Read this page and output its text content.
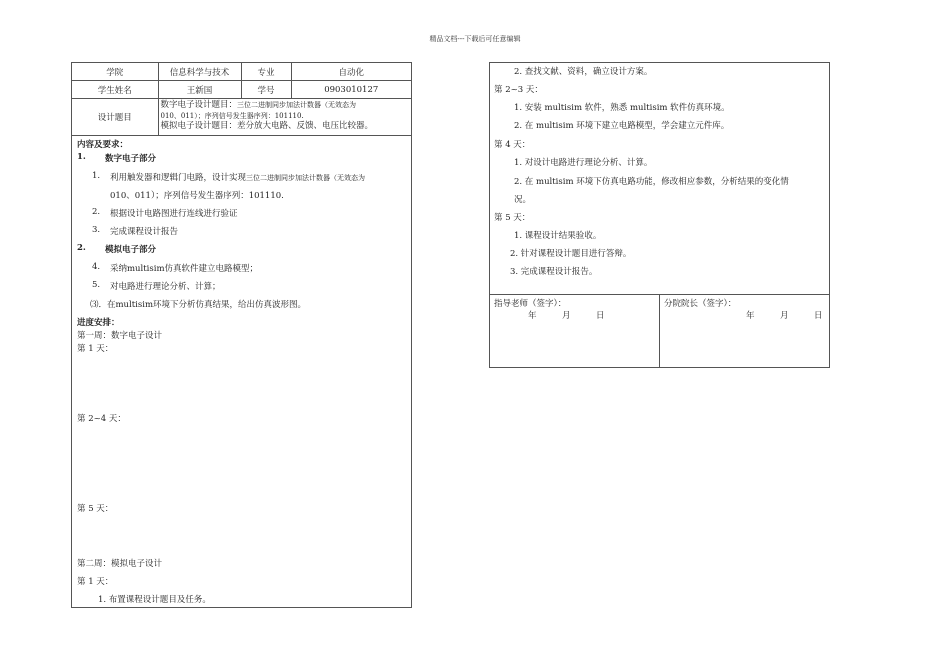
精品文档---下载后可任意编辑
学院	信息科学与技术	专业	自动化
学生姓名	王新国	学号	0903010127
设计题目	数字电子设计题目：三位二进制同步加法计数器（无效态为
010、011）；序列信号发生器序列：101110.
模拟电子设计题目：差分放大电路、反馈、电压比较器。		
内容及要求：
1. 数字电子部分
1. 利用触发器和逻辑门电路，设计实现三位二进制同步加法计数器（无效态为
010、011）；序列信号发生器序列：101110.
2. 根据设计电路图进行连线进行验证
3. 完成课程设计报告
2. 模拟电子部分
4. 采纳multisim仿真软件建立电路模型；
5. 对电路进行理论分析、计算；
⑶．在multisim环境下分析仿真结果，给出仿真波形图。
进度安排：
第一周：数字电子设计
第 1 天：
第 2~4 天：
第 5 天：
第二周：模拟电子设计
第 1 天：
1. 布置课程设计题目及任务。
2. 查找文献、资料，确立设计方案。
第 2~3 天：
1. 安装 multisim 软件，熟悉 multisim 软件仿真环境。
2. 在 multisim 环境下建立电路模型，学会建立元件库。
第 4 天：
1. 对设计电路进行理论分析、计算。
2. 在 multisim 环境下仿真电路功能，修改相应参数，分析结果的变化情
况。
第 5 天：
1. 课程设计结果验收。
2. 针对课程设计题目进行答辩。
3. 完成课程设计报告。
指导老师（签字）：
年	月	日
分院院长（签字）：
年	月	日
